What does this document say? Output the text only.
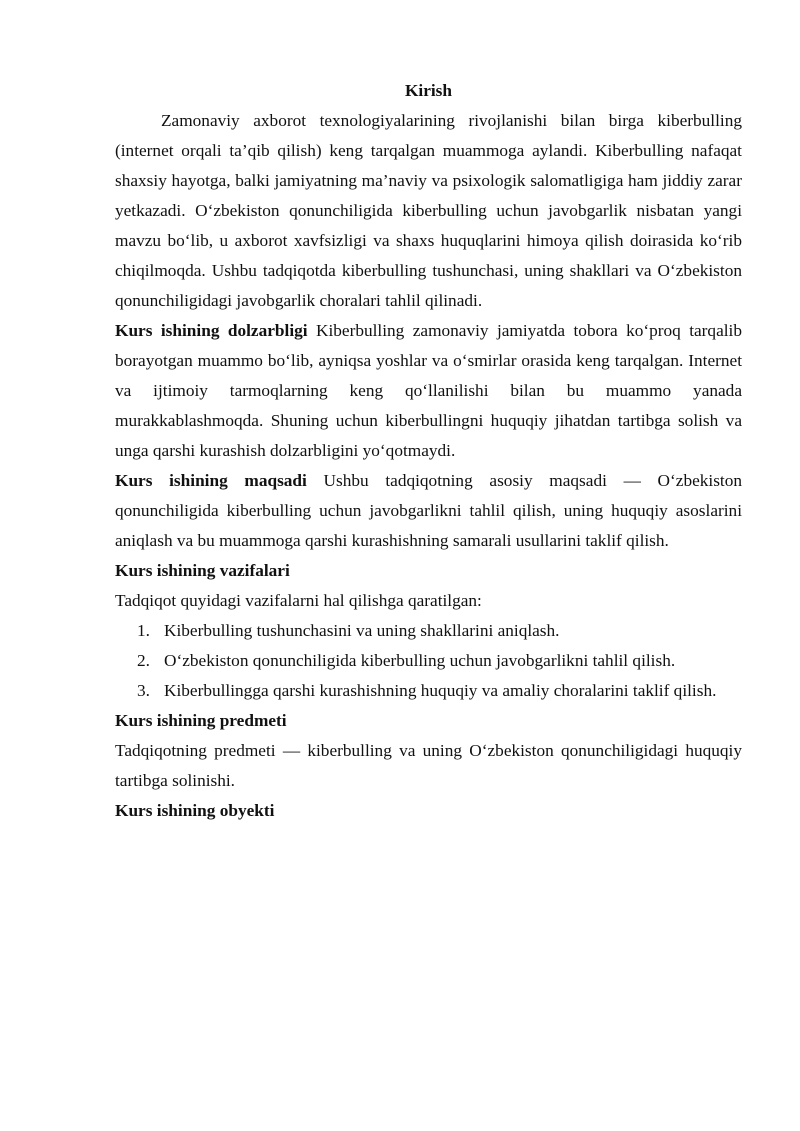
Kirish

Zamonaviy axborot texnologiyalarining rivojlanishi bilan birga kiberbulling (internet orqali ta’qib qilish) keng tarqalgan muammoga aylandi. Kiberbulling nafaqat shaxsiy hayotga, balki jamiyatning ma’naviy va psixologik salomatligiga ham jiddiy zarar yetkazadi. O‘zbekiston qonunchiligida kiberbulling uchun javobgarlik nisbatan yangi mavzu bo‘lib, u axborot xavfsizligi va shaxs huquqlarini himoya qilish doirasida ko‘rib chiqilmoqda. Ushbu tadqiqotda kiberbulling tushunchasi, uning shakllari va O‘zbekiston qonunchiligidagi javobgarlik choralari tahlil qilinadi.

Kurs ishining dolzarbligi Kiberbulling zamonaviy jamiyatda tobora ko‘proq tarqalib borayotgan muammo bo‘lib, ayniqsa yoshlar va o‘smirlar orasida keng tarqalgan. Internet va ijtimoiy tarmoqlarning keng qo‘llanilishi bilan bu muammo yanada murakkablashmoqda. Shuning uchun kiberbullingni huquqiy jihatdan tartibga solish va unga qarshi kurashish dolzarbligini yo‘qotmaydi.

Kurs ishining maqsadi Ushbu tadqiqotning asosiy maqsadi — O‘zbekiston qonunchiligida kiberbulling uchun javobgarlikni tahlil qilish, uning huquqiy asoslarini aniqlash va bu muammoga qarshi kurashishning samarali usullarini taklif qilish.

Kurs ishining vazifalari

Tadqiqot quyidagi vazifalarni hal qilishga qaratilgan:

1. Kiberbulling tushunchasini va uning shakllarini aniqlash.
2. O‘zbekiston qonunchiligida kiberbulling uchun javobgarlikni tahlil qilish.
3. Kiberbullingga qarshi kurashishning huquqiy va amaliy choralarini taklif qilish.

Kurs ishining predmeti

Tadqiqotning predmeti — kiberbulling va uning O‘zbekiston qonunchiligidagi huquqiy tartibga solinishi.

Kurs ishining obyekti
